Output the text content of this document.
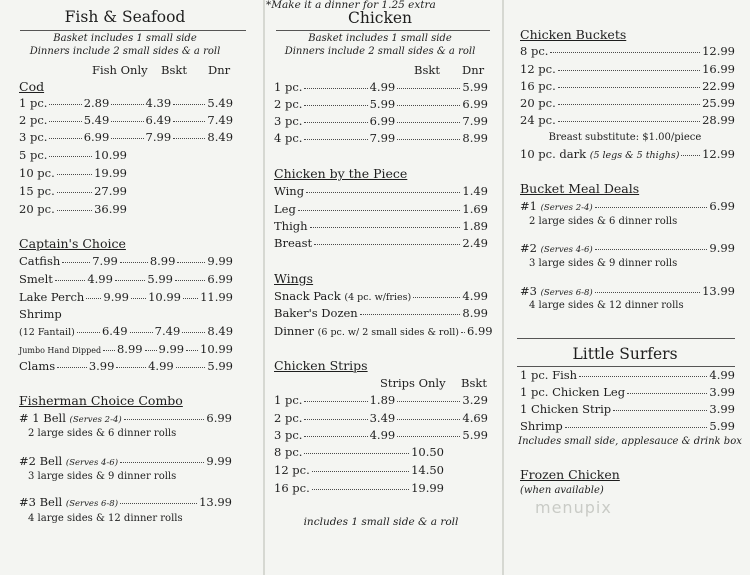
Fish & Seafood
Basket includes 1 small side
Dinners include 2 small sides & a roll
Fish Only Bskt Dnr
Cod
1 pc.	2.89	4.39	5.49
2 pc.	5.49	6.49	7.49
3 pc.	6.99	7.99	8.49
5 pc.	10.99
10 pc.	19.99
15 pc.	27.99
20 pc.	36.99
Captain's Choice
Catfish	7.99	8.99	9.99
Smelt	4.99	5.99	6.99
Lake Perch 9.99 10.99 11.99
Shrimp
(12 Fantail) 6.49 7.49 8.49
Jumbo Hand Dipped 8.99 9.99 10.99
Clams	3.99	4.99	5.99
Fisherman Choice Combo
# 1 Bell (Serves 2-4)	6.99
2 large sides & 6 dinner rolls
#2 Bell (Serves 4-6)	9.99
3 large sides & 9 dinner rolls
#3 Bell (Serves 6-8)	13.99
4 large sides & 12 dinner rolls
Chicken
Basket includes 1 small side
Dinners include 2 small sides & a roll
Bskt Dnr
1 pc.	4.99	5.99
2 pc.	5.99	6.99
3 pc.	6.99	7.99
4 pc.	7.99	8.99
Chicken by the Piece
Wing	1.49
Leg	1.69
Thigh	1.89
Breast	2.49
Wings
Snack Pack (4 pc. w/fries)	4.99
Baker's Dozen	8.99
Dinner (6 pc. w/ 2 small sides & roll) 6.99
Chicken Strips
Strips Only Bskt
1 pc.	1.89	3.29
2 pc.	3.49	4.69
3 pc.	4.99	5.99
8 pc.	10.50
12 pc.	14.50
16 pc.	19.99
*Make it a dinner for 1.25 extra
includes 1 small side & a roll
Chicken Buckets
8 pc.	12.99
12 pc.	16.99
16 pc.	22.99
20 pc.	25.99
24 pc.	28.99
Breast substitute: $1.00/piece
10 pc. dark (5 legs & 5 thighs) 12.99
Bucket Meal Deals
#1 (Serves 2-4)	6.99
2 large sides & 6 dinner rolls
#2 (Serves 4-6)	9.99
3 large sides & 9 dinner rolls
#3 (Serves 6-8)	13.99
4 large sides & 12 dinner rolls
Little Surfers
1 pc. Fish	4.99
1 pc. Chicken Leg	3.99
1 Chicken Strip	3.99
Shrimp	5.99
Includes small side, applesauce & drink box
Frozen Chicken
(when available)
menupix
